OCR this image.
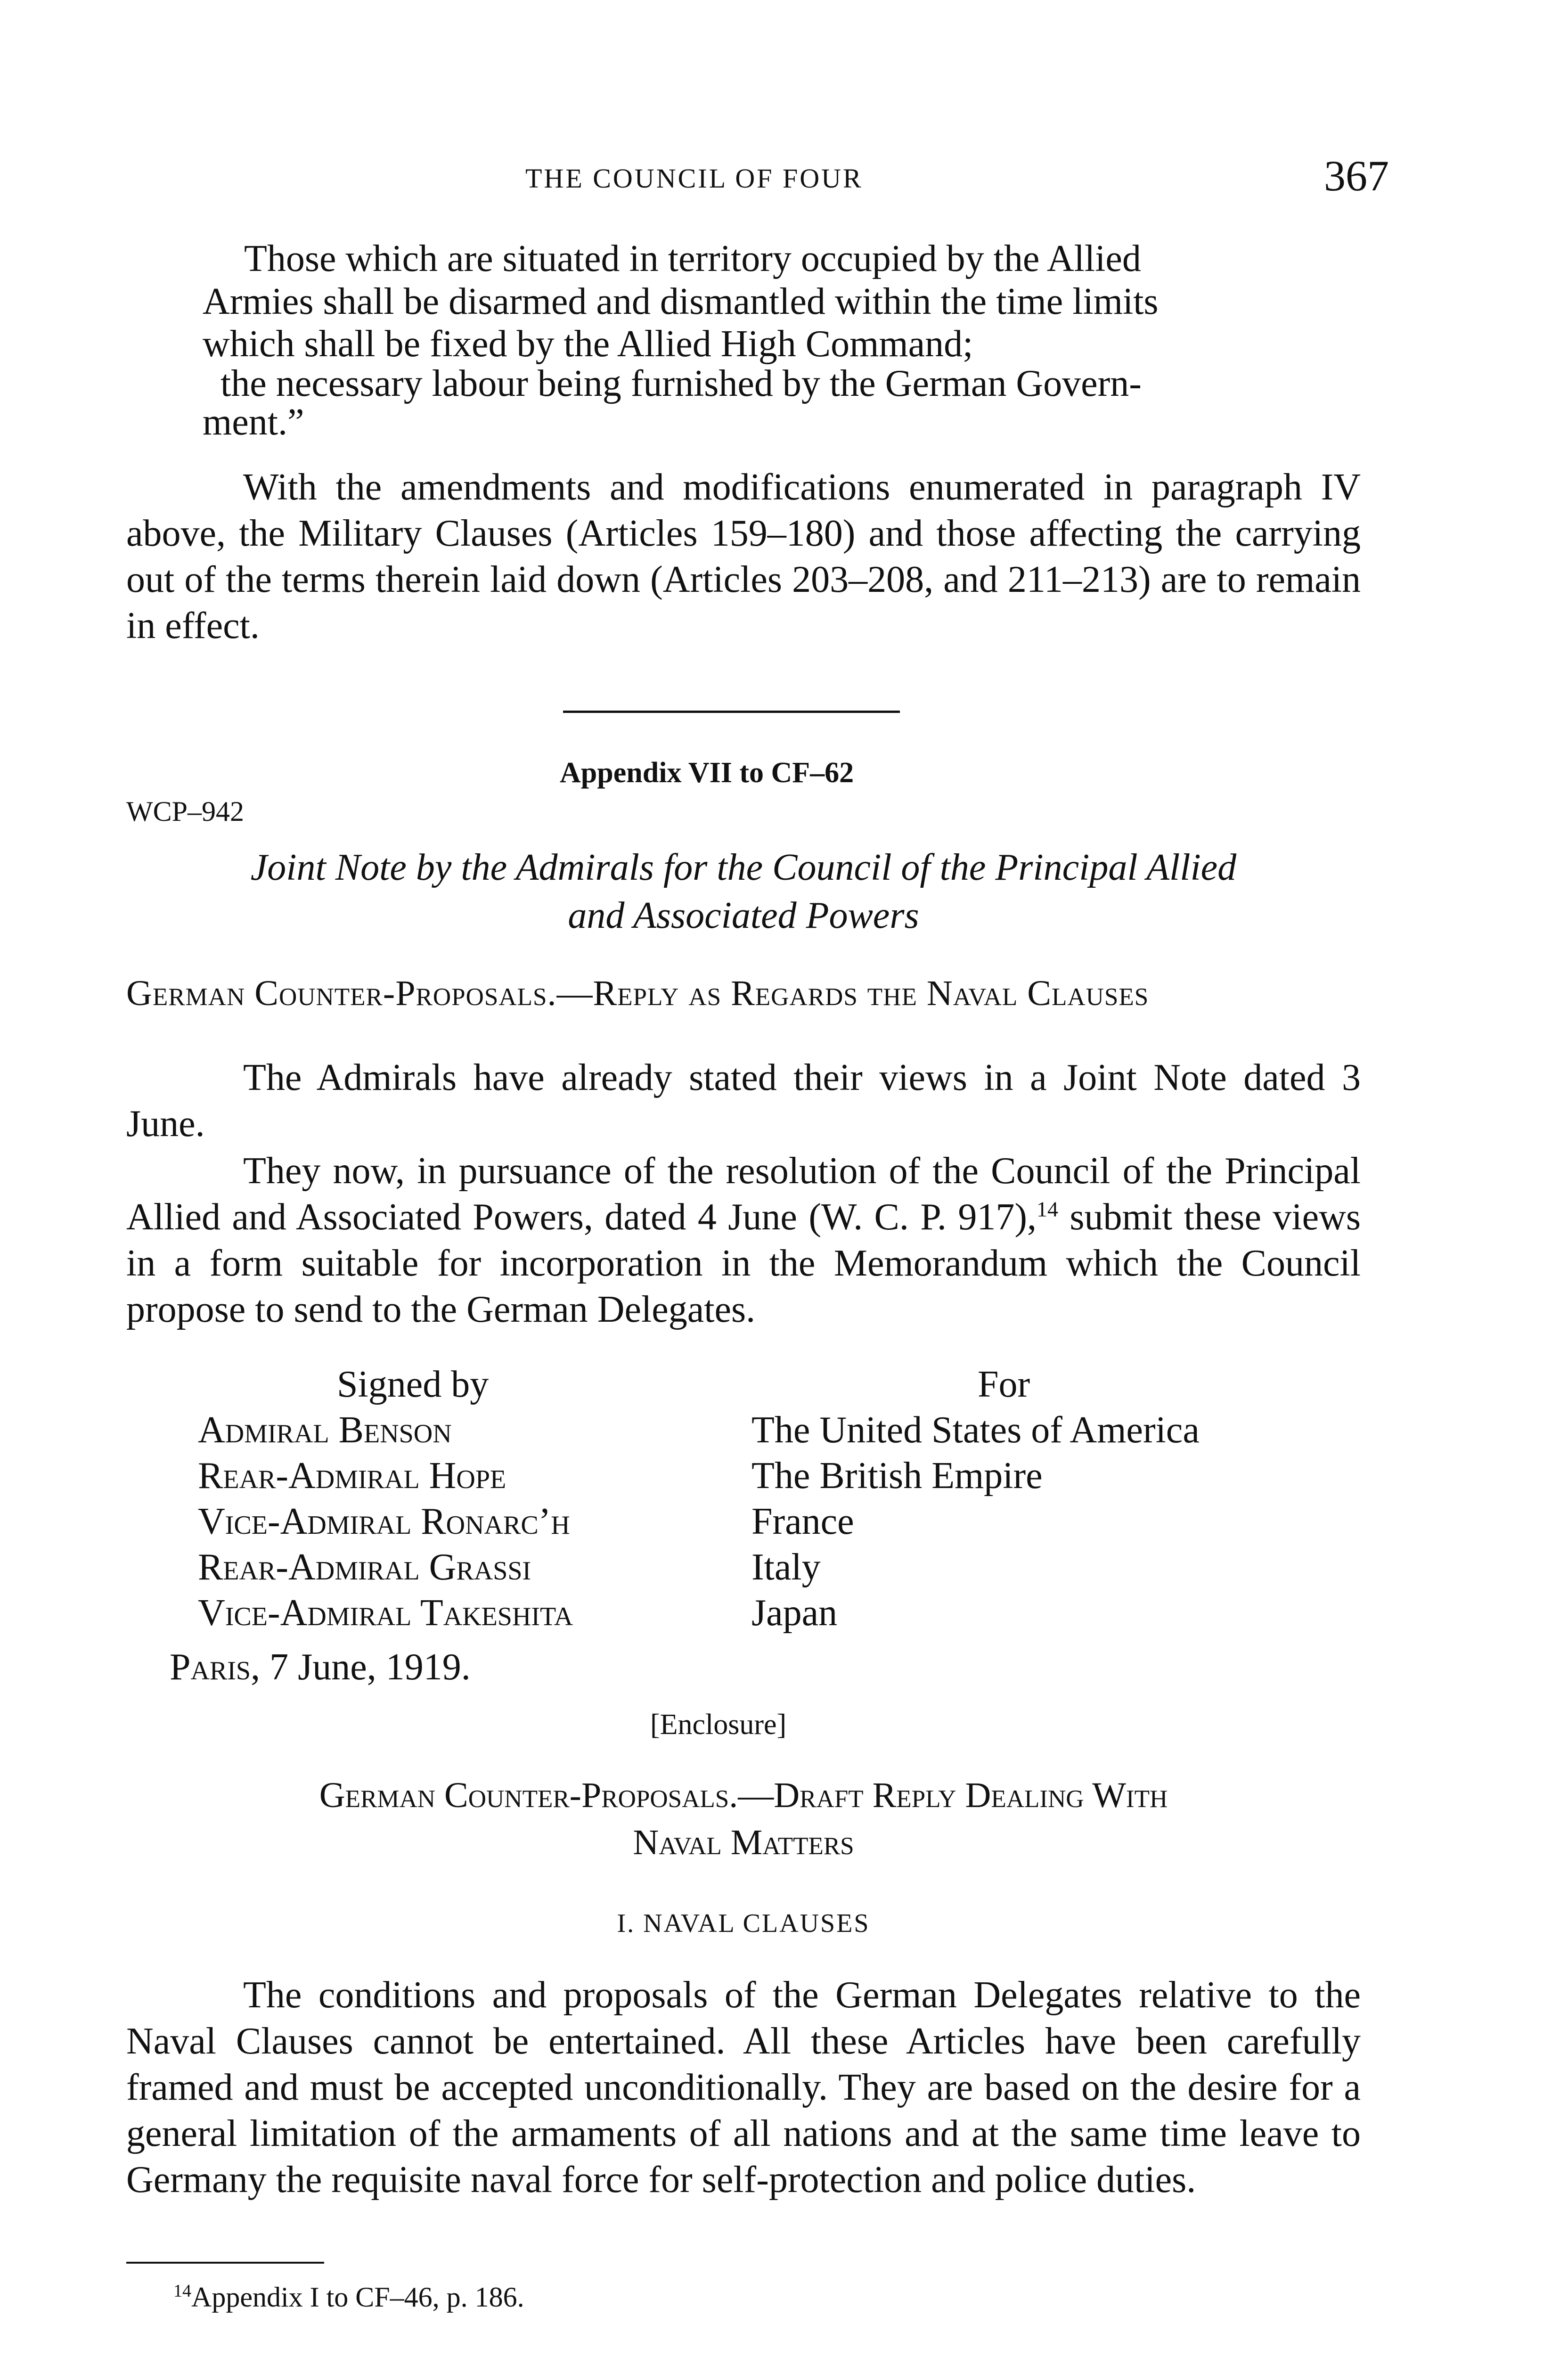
THE COUNCIL OF FOUR	367
Those which are situated in territory occupied by the Allied
Armies shall be disarmed and dismantled within the time limits
which shall be fixed by the Allied High Command;
the necessary labour being furnished by the German Govern-
ment.”

With the amendments and modifications enumerated in paragraph IV above, the Military Clauses (Articles 159–180) and those affecting the carrying out of the terms therein laid down (Articles 203–208, and 211–213) are to remain in effect.

Appendix VII to CF–62
WCP–942
Joint Note by the Admirals for the Council of the Principal Allied
and Associated Powers
German Counter-Proposals.—Reply as Regards the Naval Clauses

The Admirals have already stated their views in a Joint Note dated 3 June.

They now, in pursuance of the resolution of the Council of the Principal Allied and Associated Powers, dated 4 June (W. C. P. 917),$^{14}$ submit these views in a form suitable for incorporation in the Memorandum which the Council propose to send to the German Delegates.

Signed by	For
Admiral Benson	The United States of America
Rear-Admiral Hope	The British Empire
Vice-Admiral Ronarc’h	France
Rear-Admiral Grassi	Italy
Vice-Admiral Takeshita	Japan
Paris, 7 June, 1919.
[Enclosure]
German Counter-Proposals.—Draft Reply Dealing With
Naval Matters
I. NAVAL CLAUSES

The conditions and proposals of the German Delegates relative to the Naval Clauses cannot be entertained. All these Articles have been carefully framed and must be accepted unconditionally. They are based on the desire for a general limitation of the armaments of all nations and at the same time leave to Germany the requisite naval force for self-protection and police duties.

$^{14}$Appendix I to CF–46, p. 186.
